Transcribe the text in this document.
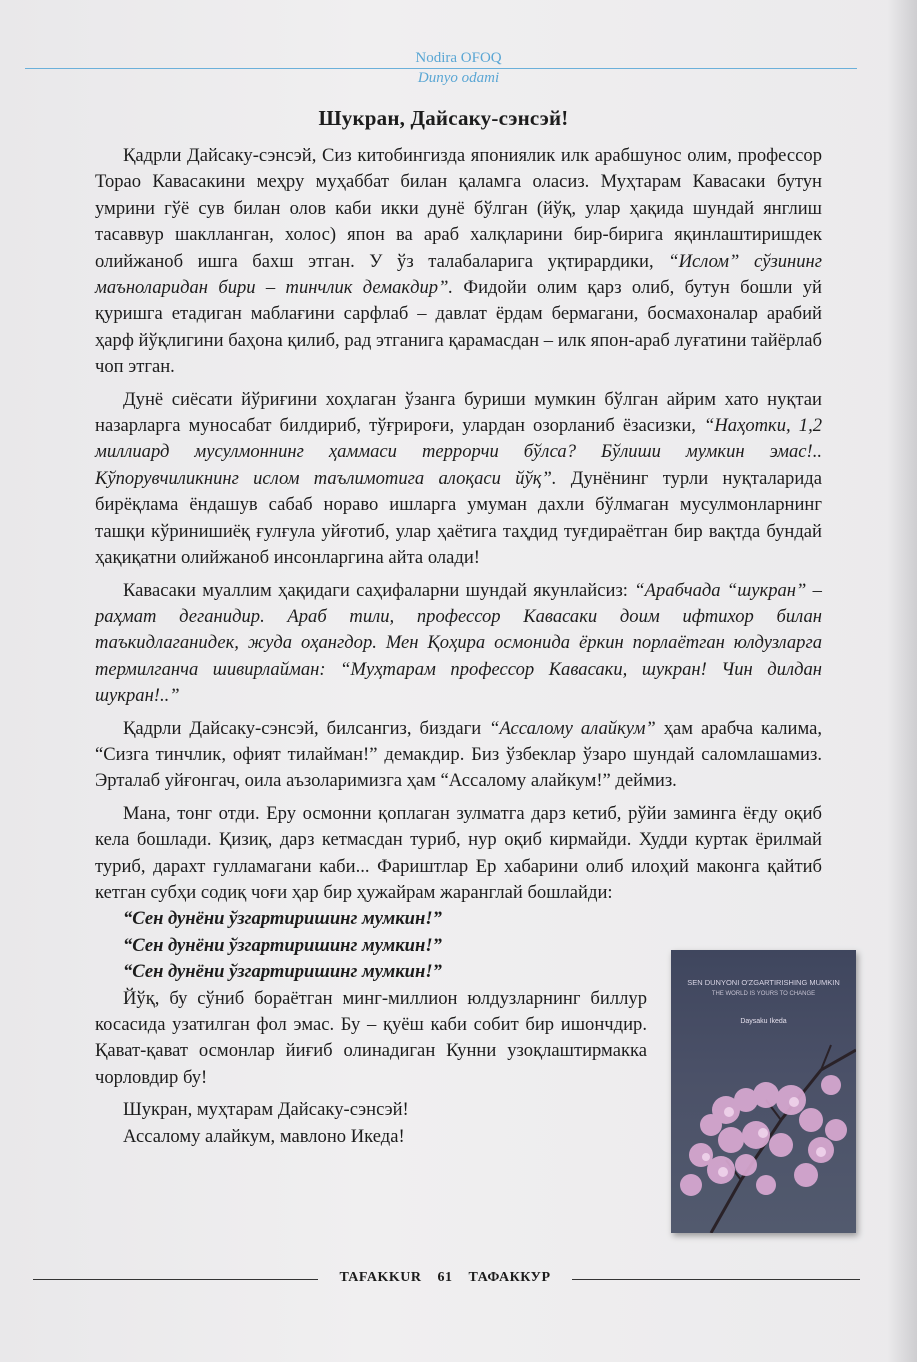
Nodira OFOQ
Dunyo odami
Шукран, Дайсаку-сэнсэй!

Қадрли Дайсаку-сэнсэй, Сиз китобингизда япониялик илк арабшунос олим, профессор Торао Кавасакини меҳру муҳаббат билан қаламга оласиз. Муҳтарам Кавасаки бутун умрини гўё сув билан олов каби икки дунё бўлган (йўқ, улар ҳақида шундай янглиш тасаввур шаклланган, холос) япон ва араб халқларини бир-бирига яқинлаштиришдек олийжаноб ишга бахш этган. У ўз талабаларига уқтирардики, “Ислом” сўзининг маъноларидан бири – тинчлик демакдир”. Фидойи олим қарз олиб, бутун бошли уй қуришга етадиган маблағини сарфлаб – давлат ёрдам бермагани, босмахоналар арабий ҳарф йўқлигини баҳона қилиб, рад этганига қарамасдан – илк япон-араб луғатини тайёрлаб чоп этган.

Дунё сиёсати йўриғини хоҳлаган ўзанга буриши мумкин бўлган айрим хато нуқтаи назарларга муносабат билдириб, тўғрироғи, улардан озорланиб ёзасизки, “Наҳотки, 1,2 миллиард мусулмоннинг ҳаммаси террорчи бўлса? Бўлиши мумкин эмас!.. Кўпорувчиликнинг ислом таълимотига алоқаси йўқ”. Дунёнинг турли нуқталарида бирёқлама ёндашув сабаб нораво ишларга умуман дахли бўлмаган мусулмонларнинг ташқи кўринишиёқ ғулғула уйғотиб, улар ҳаётига таҳдид туғдираётган бир вақтда бундай ҳақиқатни олийжаноб инсонларгина айта олади!

Кавасаки муаллим ҳақидаги саҳифаларни шундай якунлайсиз: “Арабчада “шукран” – раҳмат деганидир. Араб тили, профессор Кавасаки доим ифтихор билан таъкидлаганидек, жуда оҳангдор. Мен Қоҳира осмонида ёркин порлаётган юлдузларга термилганча шивирлайман: “Муҳтарам профессор Кавасаки, шукран! Чин дилдан шукран!..”

Қадрли Дайсаку-сэнсэй, билсангиз, биздаги “Ассалому алайкум” ҳам арабча калима, “Сизга тинчлик, офият тилайман!” демакдир. Биз ўзбеклар ўзаро шундай саломлашамиз. Эрталаб уйғонгач, оила аъзоларимизга ҳам “Ассалому алайкум!” деймиз.

Мана, тонг отди. Еру осмонни қоплаган зулматга дарз кетиб, рўйи заминга ёғду оқиб кела бошлади. Қизиқ, дарз кетмасдан туриб, нур оқиб кирмайди. Худди куртак ёрилмай туриб, дарахт гулламагани каби... Фариштлар Ер хабарини олиб илоҳий маконга қайтиб кетган субҳи содиқ чоғи ҳар бир ҳужайрам жаранглай бошлайди:

“Сен дунёни ўзгартиришинг мумкин!”
“Сен дунёни ўзгартиришинг мумкин!”
“Сен дунёни ўзгартиришинг мумкин!”

Йўқ, бу сўниб бораётган минг-миллион юлдузларнинг биллур косасида узатилган фол эмас. Бу – қуёш каби собит бир ишончдир. Қават-қават осмонлар йиғиб олинадиган Кунни узоқлаштирмакка чорловдир бу!

Шукран, муҳтарам Дайсаку-сэнсэй!
Ассалому алайкум, мавлоно Икеда!
SEN DUNYONI O'ZGARTIRISHING MUMKIN
THE WORLD IS YOURS TO CHANGE
Daysaku Ikeda
TAFAKKUR 61 ТАФАККУР
